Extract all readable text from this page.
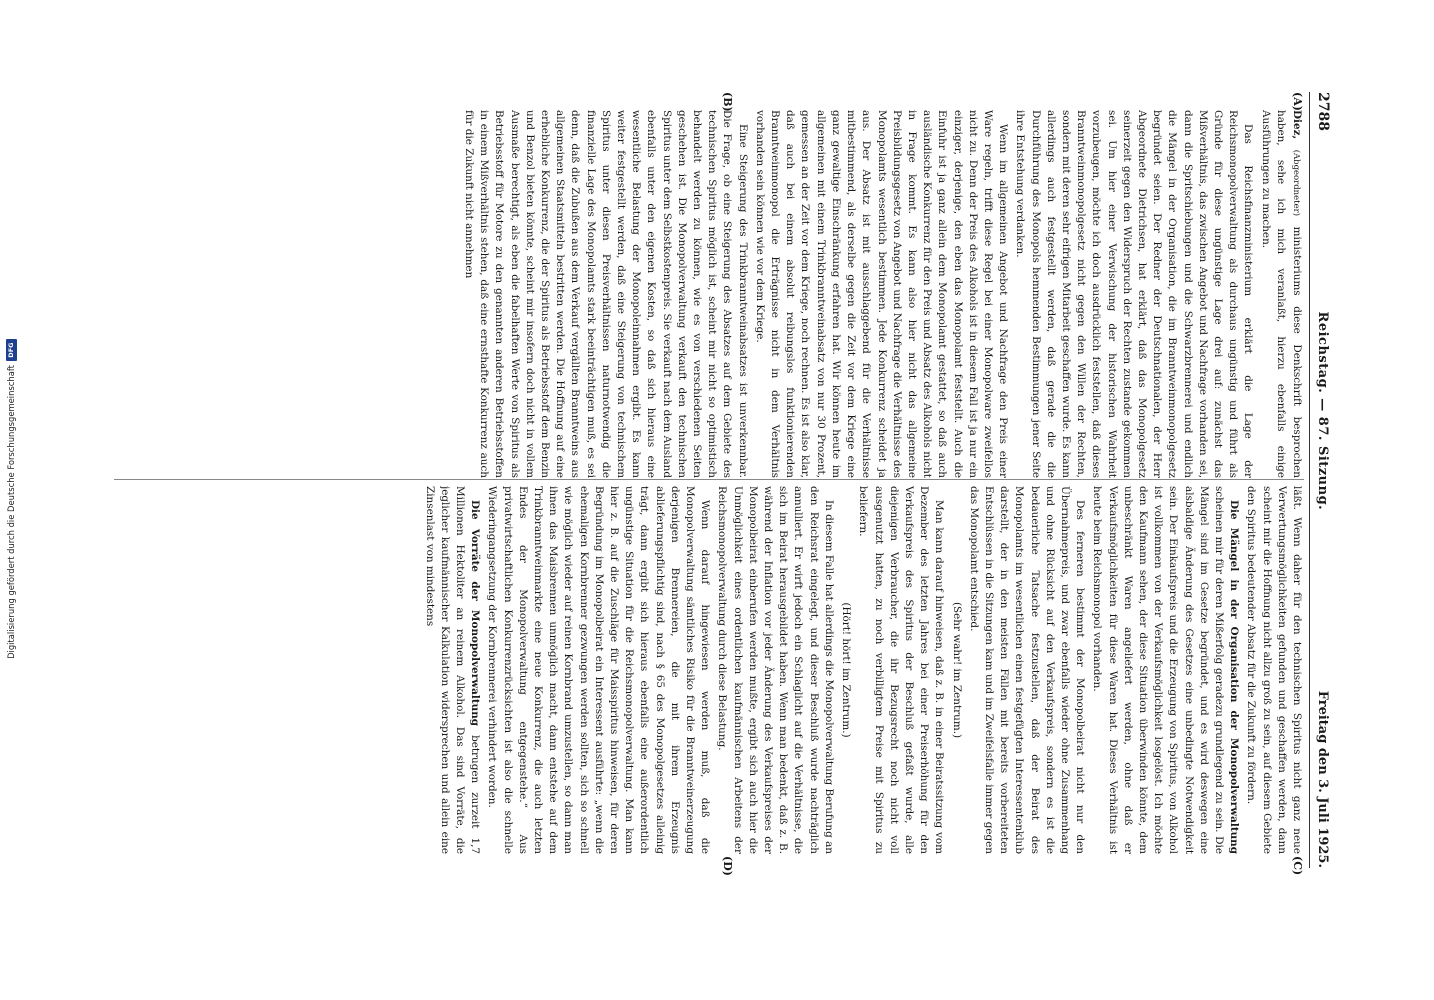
2788
Reichstag. — 87. Sitzung.
Freitag den 3. Juli 1925.
(A)
(B)
(C)
(D)

Diez, (Abgeordneter) ministeriums diese Denkschrift besprochen haben, sehe ich mich veranlaßt, hierzu ebenfalls einige Ausführungen zu machen.

Das Reichsfinanzministerium erklärt die Lage der Reichsmonopolverwaltung als durchaus ungünstig und führt als Gründe für diese ungünstige Lage drei auf: zunächst das Mißverhältnis, das zwischen Angebot und Nachfrage vorhanden sei, dann die Spritschiebungen und die Schwarzbrennerei und endlich die Mängel in der Organisation, die im Branntweinmonopolgesetz begründet seien. Der Redner der Deutschnationalen, der Herr Abgeordnete Dietrichsen, hat erklärt, daß das Monopolgesetz seinerzeit gegen den Widerspruch der Rechten zustande gekommen sei. Um hier einer Verwischung der historischen Wahrheit vorzubeugen, möchte ich doch ausdrücklich feststellen, daß dieses Branntweinmonopolgesetz nicht gegen den Willen der Rechten, sondern mit deren sehr eifrigen Mitarbeit geschaffen wurde. Es kann allerdings auch festgestellt werden, daß gerade die die Durchführung des Monopols hemmenden Bestimmungen jener Seite ihre Entstehung verdanken.

Wenn im allgemeinen Angebot und Nachfrage den Preis einer Ware regeln, trifft diese Regel bei einer Monopolware zweifellos nicht zu. Denn der Preis des Alkohols ist in diesem Fall ist ja nur ein einziger, derjenige, den eben das Monopolamt feststellt. Auch die Einfuhr ist ja ganz allein dem Monopolamt gestattet, so daß auch ausländische Konkurrenz für den Preis und Absatz des Alkohols nicht in Frage kommt. Es kann also hier nicht das allgemeine Preisbildungsgesetz von Angebot und Nachfrage die Verhältnisse des Monopolamts wesentlich bestimmen. Jede Konkurrenz scheidet ja aus. Der Absatz ist mit ausschlaggebend für die Verhältnisse mitbestimmend, als derselbe gegen die Zeit vor dem Kriege eine ganz gewaltige Einschränkung erfahren hat. Wir können heute im allgemeinen mit einem Trinkbranntweinabsatz von nur 30 Prozent, gemessen an der Zeit vor dem Kriege, noch rechnen. Es ist also klar, daß auch bei einem absolut reibungslos funktionierenden Branntweinmonopol die Erträgnisse nicht in dem Verhältnis vorhanden sein können wie vor dem Kriege.

Eine Steigerung des Trinkbranntweinabsatzes ist unverkennbar. Die Frage, ob eine Steigerung des Absatzes auf dem Gebiete des technischen Spiritus möglich ist, scheint mir nicht so optimistisch behandelt werden zu können, wie es von verschiedenen Seiten geschehen ist. Die Monopolverwaltung verkauft den technischen Spiritus unter dem Selbstkostenpreis. Sie verkauft nach dem Ausland ebenfalls unter den eigenen Kosten, so daß sich hieraus eine wesentliche Belastung der Monopoleinnahmen ergibt. Es kann weiter festgestellt werden, daß eine Steigerung von technischem Spiritus unter diesen Preisverhältnissen naturnotwendig die finanzielle Lage des Monopolamts stark beeinträchtigen muß, es sei denn, daß die Zubußen aus dem Verkauf vergällten Branntweins aus allgemeinen Staatsmitteln bestritten werden. Die Hoffnung auf eine erhebliche Konkurrenz, die der Spiritus als Betriebsstoff dem Benzin und Benzol bieten könnte, scheint mir insofern doch nicht in vollem Ausmaße berechtigt, als eben die fabelhaften Werte von Spiritus als Betriebsstoff für Motore zu den genannten anderen Betriebsstoffen in einem Mißverhältnis stehen, daß eine ernsthafte Konkurrenz auch für die Zukunft nicht annehmen

läßt. Wenn daher für den technischen Spiritus nicht ganz neue Verwertungsmöglichkeiten gefunden und geschaffen werden, dann scheint mir die Hoffnung nicht allzu groß zu sein, auf diesem Gebiete den Spiritus bedeutender Absatz für die Zukunft zu fördern.

Die Mängel in der Organisation der Monopolverwaltung scheinen mir für deren Mißerfolg geradezu grundlegend zu sein. Die Mängel sind im Gesetze begründet, und es wird deswegen eine alsbaldige Änderung des Gesetzes eine unbedingte Notwendigkeit sein. Der Einkaufspreis und die Erzeugung von Spiritus, von Alkohol ist vollkommen von der Verkaufsmöglichkeit losgelöst. Ich möchte den Kaufmann sehen, der diese Situation überwinden könnte, dem unbeschränkt Waren angeliefert werden, ohne daß er Verkaufsmöglichkeiten für diese Waren hat. Dieses Verhältnis ist heute beim Reichsmonopol vorhanden.

Des ferneren bestimmt der Monopolbeirat nicht nur den Übernahmepreis, und zwar ebenfalls wieder ohne Zusammenhang und ohne Rücksicht auf den Verkaufspreis, sondern es ist die bedauerliche Tatsache festzustellen, daß der Beirat des Monopolamts im wesentlichen einen festgefügten Interessentenklub darstellt, der in den meisten Fällen mit bereits vorbereiteten Entschlüssen in die Sitzungen kam und im Zweifelsfalle immer gegen das Monopolamt entschied.

(Sehr wahr! im Zentrum.)

Man kann darauf hinweisen, daß z. B. in einer Beiratssitzung vom Dezember des letzten Jahres bei einer Preiserhöhung für den Verkaufspreis des Spiritus der Beschluß gefaßt wurde, alle diejenigen Verbraucher, die ihr Bezugsrecht noch nicht voll ausgenutzt hatten, zu noch verbilligtem Preise mit Spiritus zu beliefern.

(Hört! hört! im Zentrum.)

In diesem Falle hat allerdings die Monopolverwaltung Berufung an den Reichsrat eingelegt, und dieser Beschluß wurde nachträglich annulliert. Er wirft jedoch ein Schlaglicht auf die Verhältnisse, die sich im Beirat herausgebildet haben. Wenn man bedenkt, daß z. B. während der Inflation vor jeder Änderung des Verkaufspreises der Monopolbeirat einberufen werden mußte, ergibt sich auch hier die Unmöglichkeit eines ordentlichen kaufmännischen Arbeitens der Reichsmonopolverwaltung durch diese Belastung.

Wenn darauf hingewiesen werden muß, daß die Monopolverwaltung sämtliches Risiko für die Branntweinerzeugung derjenigen Brennereien, die mit ihrem Erzeugnis ablieferungspflichtig sind, nach § 65 des Monopolgesetzes alleinig trägt, dann ergibt sich hieraus ebenfalls eine außerordentlich ungünstige Situation für die Reichsmonopolverwaltung. Man kann hier z. B. auf die Zuschläge für Maisspiritus hinweisen, für deren Begründung im Monopolbeirat ein Interessent ausführte: „wenn die ehemaligen Kornbrenner gezwungen werden sollten, sich so schnell wie möglich wieder auf reinen Kornbrand umzustellen, so dann man ihnen das Maisbrennen unmöglich macht, dann entstehe auf dem Trinkbranntweinmarkte eine neue Konkurrenz, die auch letzten Endes der Monopolverwaltung entgegenstehe.“ Aus privatwirtschaftlichen Konkurrenzrücksichten ist also die schnelle Wiederingangsetzung der Kornbrennerei verhindert worden.

Die Vorräte der Monopolverwaltung betrugen zurzeit 1,7 Millionen Hektoliter an reinem Alkohol. Das sind Vorräte, die jeglicher kaufmännischer Kalkulation widersprechen und allein eine Zinsenlast von mindestens

Digitalisierung gefördert durch die Deutsche Forschungsgemeinschaft
DFG
